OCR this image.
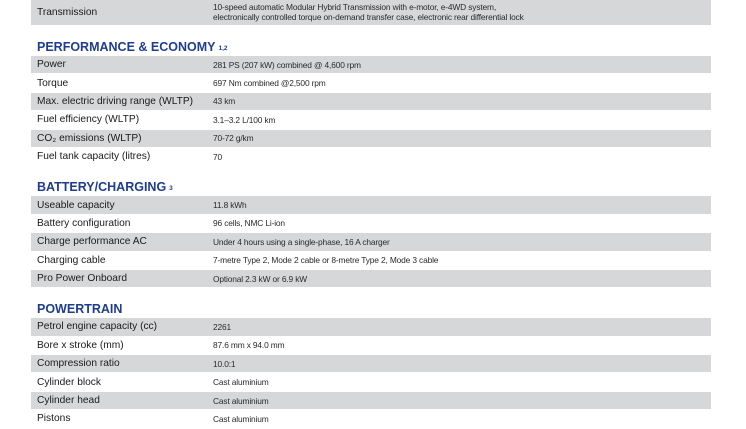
Transmission	10-speed automatic Modular Hybrid Transmission with e-motor, e-4WD system,
electronically controlled torque on-demand transfer case, electronic rear differential lock
PERFORMANCE & ECONOMY $^{1,2}$
Power	281 PS (207 kW) combined @ 4,600 rpm
Torque	697 Nm combined @2,500 rpm
Max. electric driving range (WLTP)	43 km
Fuel efficiency (WLTP)	3.1–3.2 L/100 km
CO₂ emissions (WLTP)	70-72 g/km
Fuel tank capacity (litres)	70
BATTERY/CHARGING $^3$
Useable capacity	11.8 kWh
Battery configuration	96 cells, NMC Li-ion
Charge performance AC	Under 4 hours using a single-phase, 16 A charger
Charging cable	7-metre Type 2, Mode 2 cable or 8-metre Type 2, Mode 3 cable
Pro Power Onboard	Optional 2.3 kW or 6.9 kW
POWERTRAIN
Petrol engine capacity (cc)	2261
Bore x stroke (mm)	87.6 mm x 94.0 mm
Compression ratio	10.0:1
Cylinder block	Cast aluminium
Cylinder head	Cast aluminium
Pistons	Cast aluminium
